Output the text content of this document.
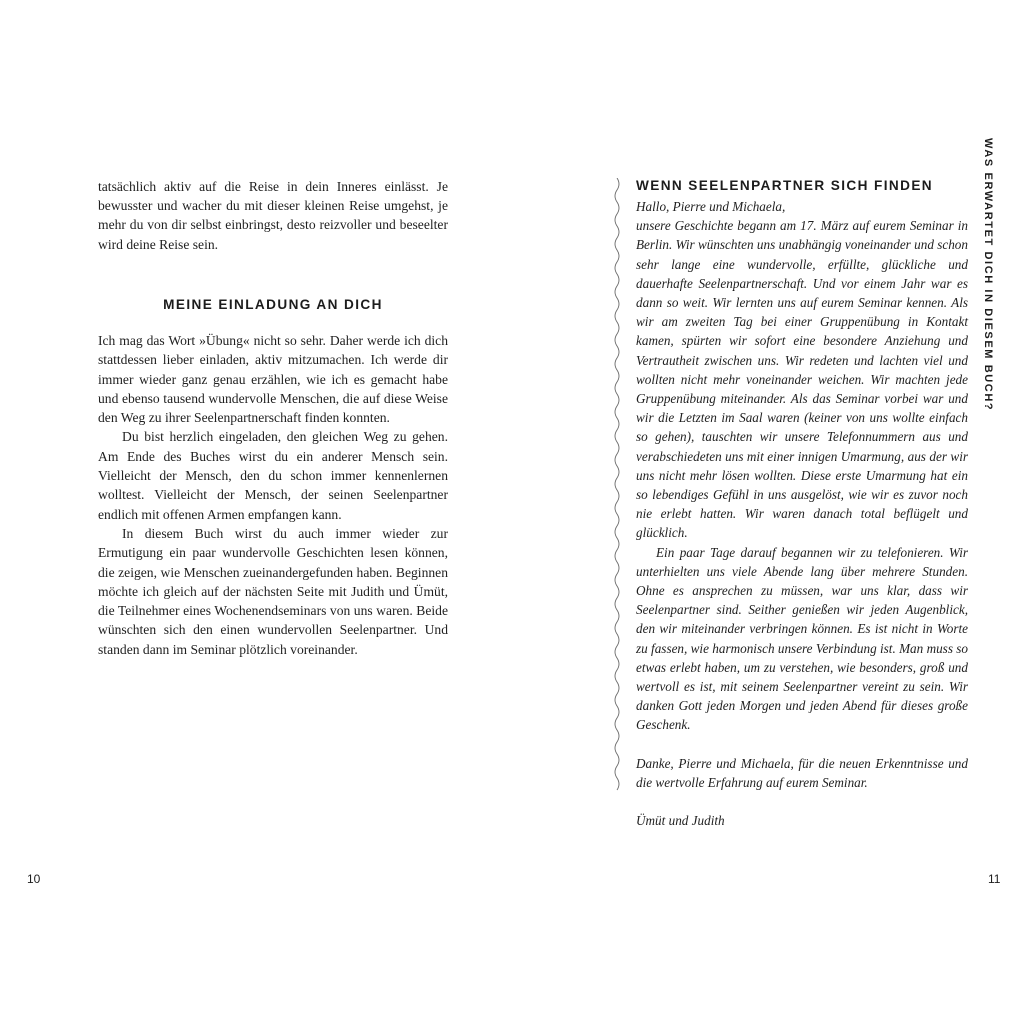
tatsächlich aktiv auf die Reise in dein Inneres einlässt. Je bewusster und wacher du mit dieser kleinen Reise umgehst, je mehr du von dir selbst einbringst, desto reizvoller und beseelter wird deine Reise sein.

MEINE EINLADUNG AN DICH

Ich mag das Wort »Übung« nicht so sehr. Daher werde ich dich stattdessen lieber einladen, aktiv mitzumachen. Ich werde dir immer wieder ganz genau erzählen, wie ich es gemacht habe und ebenso tausend wundervolle Menschen, die auf diese Weise den Weg zu ihrer Seelenpartnerschaft finden konnten.

Du bist herzlich eingeladen, den gleichen Weg zu gehen. Am Ende des Buches wirst du ein anderer Mensch sein. Vielleicht der Mensch, den du schon immer kennenlernen wolltest. Vielleicht der Mensch, der seinen Seelenpartner endlich mit offenen Armen empfangen kann.

In diesem Buch wirst du auch immer wieder zur Ermutigung ein paar wundervolle Geschichten lesen können, die zeigen, wie Menschen zueinandergefunden haben. Beginnen möchte ich gleich auf der nächsten Seite mit Judith und Ümüt, die Teilnehmer eines Wochenendseminars von uns waren. Beide wünschten sich den einen wundervollen Seelenpartner. Und standen dann im Seminar plötzlich voreinander.

10
WENN SEELENPARTNER SICH FINDEN

Hallo, Pierre und Michaela,

unsere Geschichte begann am 17. März auf eurem Seminar in Berlin. Wir wünschten uns unabhängig voneinander und schon sehr lange eine wundervolle, erfüllte, glückliche und dauerhafte Seelenpartnerschaft. Und vor einem Jahr war es dann so weit. Wir lernten uns auf eurem Seminar kennen. Als wir am zweiten Tag bei einer Gruppenübung in Kontakt kamen, spürten wir sofort eine besondere Anziehung und Vertrautheit zwischen uns. Wir redeten und lachten viel und wollten nicht mehr voneinander weichen. Wir machten jede Gruppenübung miteinander. Als das Seminar vorbei war und wir die Letzten im Saal waren (keiner von uns wollte einfach so gehen), tauschten wir unsere Telefonnummern aus und verabschiedeten uns mit einer innigen Umarmung, aus der wir uns nicht mehr lösen wollten. Diese erste Umarmung hat ein so lebendiges Gefühl in uns ausgelöst, wie wir es zuvor noch nie erlebt hatten. Wir waren danach total beflügelt und glücklich.

Ein paar Tage darauf begannen wir zu telefonieren. Wir unterhielten uns viele Abende lang über mehrere Stunden. Ohne es ansprechen zu müssen, war uns klar, dass wir Seelenpartner sind. Seither genießen wir jeden Augenblick, den wir miteinander verbringen können. Es ist nicht in Worte zu fassen, wie harmonisch unsere Verbindung ist. Man muss so etwas erlebt haben, um zu verstehen, wie besonders, groß und wertvoll es ist, mit seinem Seelenpartner vereint zu sein. Wir danken Gott jeden Morgen und jeden Abend für dieses große Geschenk.

Danke, Pierre und Michaela, für die neuen Erkenntnisse und die wertvolle Erfahrung auf eurem Seminar.

Ümüt und Judith

WAS ERWARTET DICH IN DIESEM BUCH?
11
